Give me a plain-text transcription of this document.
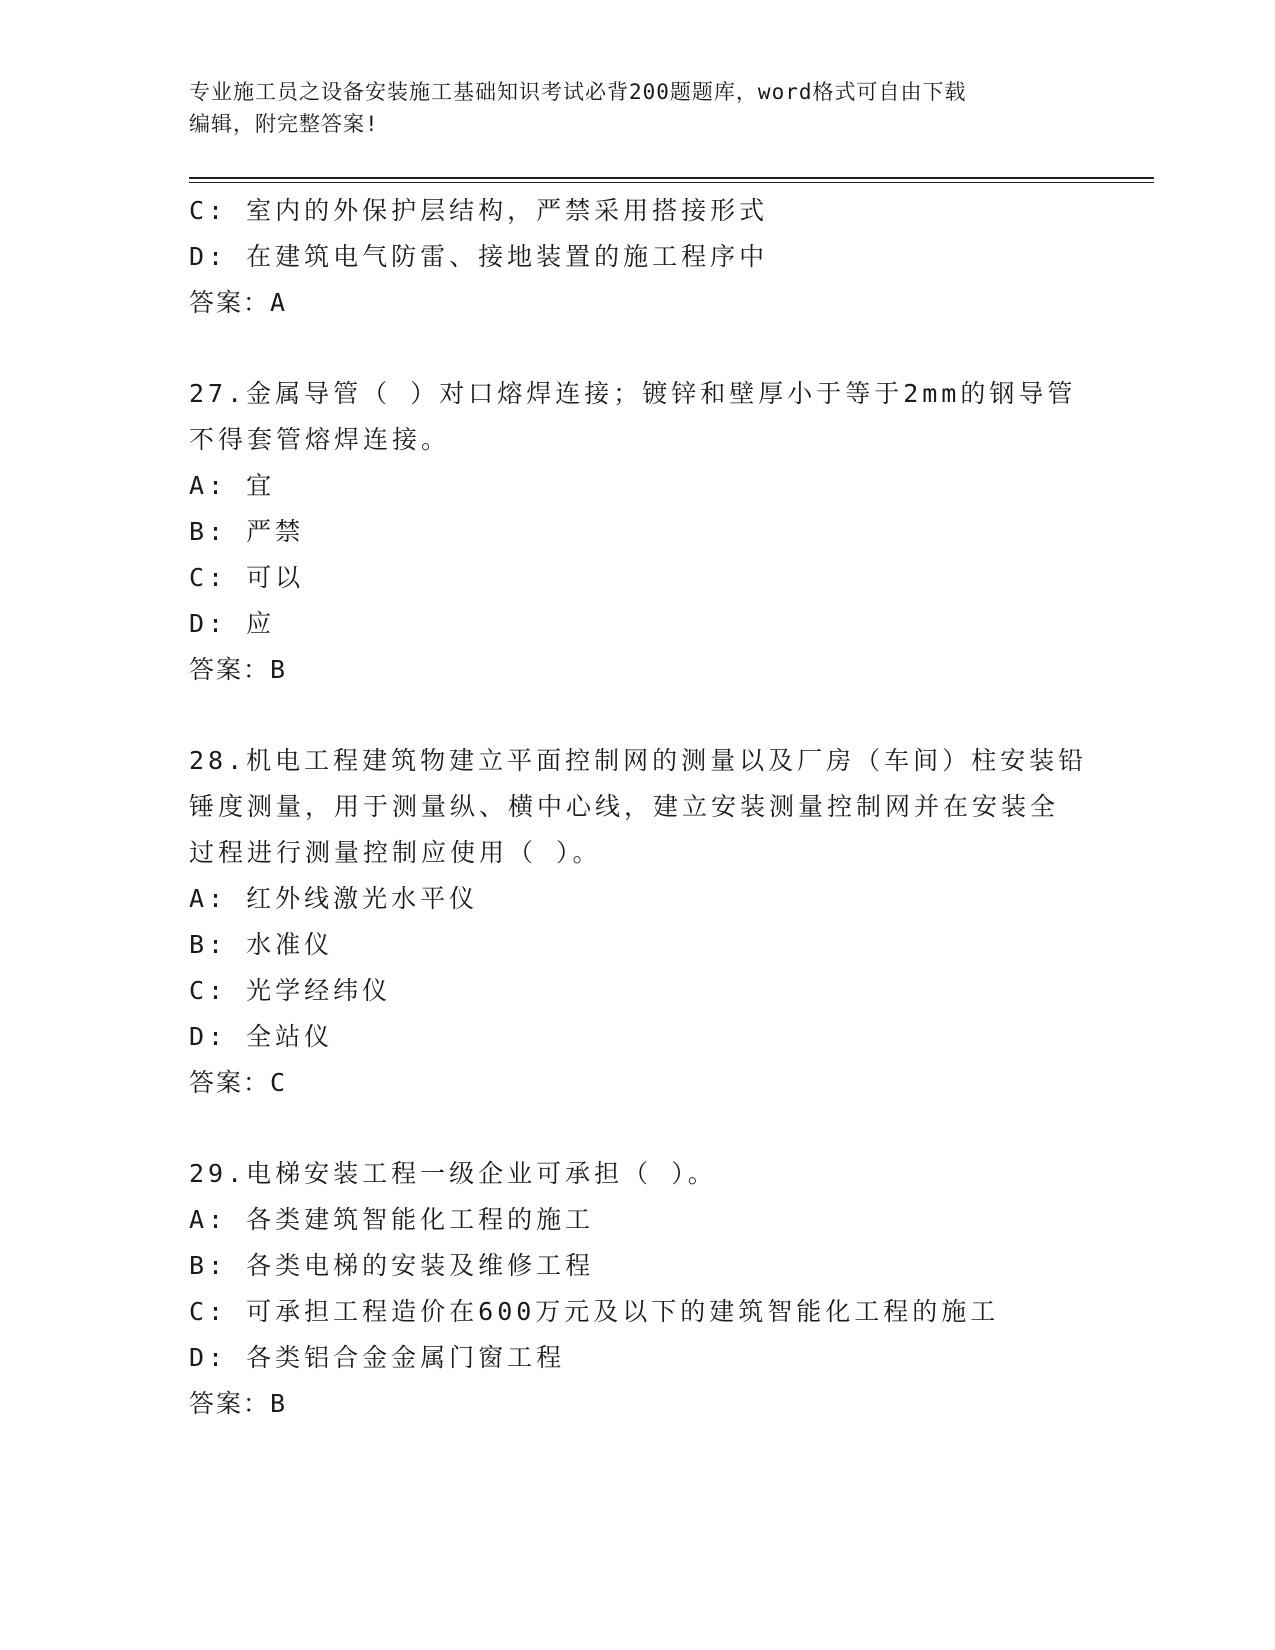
专业施工员之设备安装施工基础知识考试必背200题题库，word格式可自由下载
编辑，附完整答案!
C: 室内的外保护层结构，严禁采用搭接形式
D: 在建筑电气防雷、接地装置的施工程序中
答案：A
27.金属导管（ ）对口熔焊连接；镀锌和壁厚小于等于2mm的钢导管
不得套管熔焊连接。
A: 宜
B: 严禁
C: 可以
D: 应
答案：B
28.机电工程建筑物建立平面控制网的测量以及厂房（车间）柱安装铅
锤度测量，用于测量纵、横中心线，建立安装测量控制网并在安装全
过程进行测量控制应使用（ ）。
A: 红外线激光水平仪
B: 水准仪
C: 光学经纬仪
D: 全站仪
答案：C
29.电梯安装工程一级企业可承担（ ）。
A: 各类建筑智能化工程的施工
B: 各类电梯的安装及维修工程
C: 可承担工程造价在600万元及以下的建筑智能化工程的施工
D: 各类铝合金金属门窗工程
答案：B
